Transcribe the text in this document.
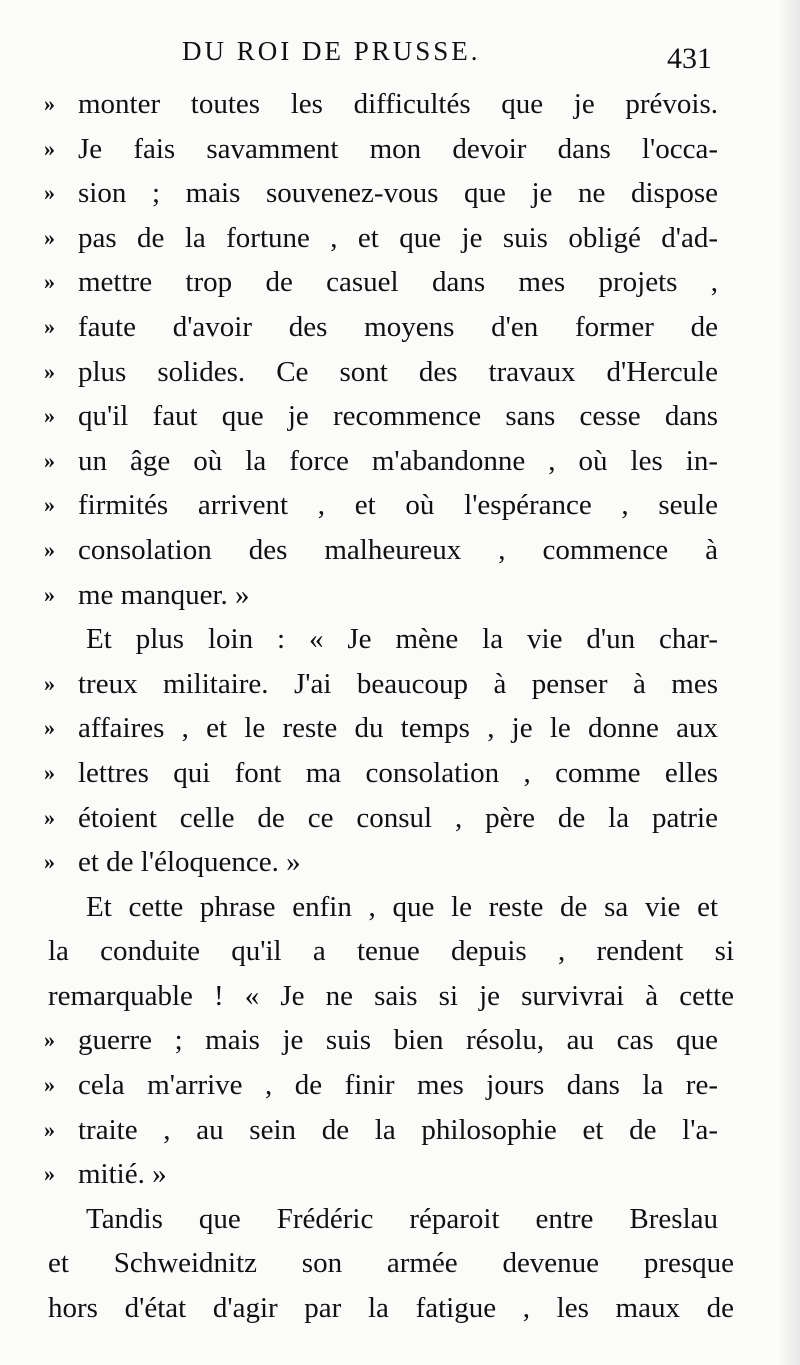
DU ROI DE PRUSSE.	431
» monter toutes les difficultés que je prévois.
» Je fais savamment mon devoir dans l'occa-
» sion ; mais souvenez-vous que je ne dispose
» pas de la fortune , et que je suis obligé d'ad-
» mettre trop de casuel dans mes projets ,
» faute d'avoir des moyens d'en former de
» plus solides. Ce sont des travaux d'Hercule
» qu'il faut que je recommence sans cesse dans
» un âge où la force m'abandonne , où les in-
» firmités arrivent , et où l'espérance , seule
» consolation des malheureux , commence à
» me manquer. »
Et plus loin : « Je mène la vie d'un char-
» treux militaire. J'ai beaucoup à penser à mes
» affaires , et le reste du temps , je le donne aux
» lettres qui font ma consolation , comme elles
» étoient celle de ce consul , père de la patrie
» et de l'éloquence. »
Et cette phrase enfin , que le reste de sa vie et
la conduite qu'il a tenue depuis , rendent si
remarquable ! « Je ne sais si je survivrai à cette
» guerre ; mais je suis bien résolu, au cas que
» cela m'arrive , de finir mes jours dans la re-
» traite , au sein de la philosophie et de l'a-
» mitié. »
Tandis que Frédéric réparoit entre Breslau
et Schweidnitz son armée devenue presque
hors d'état d'agir par la fatigue , les maux de
